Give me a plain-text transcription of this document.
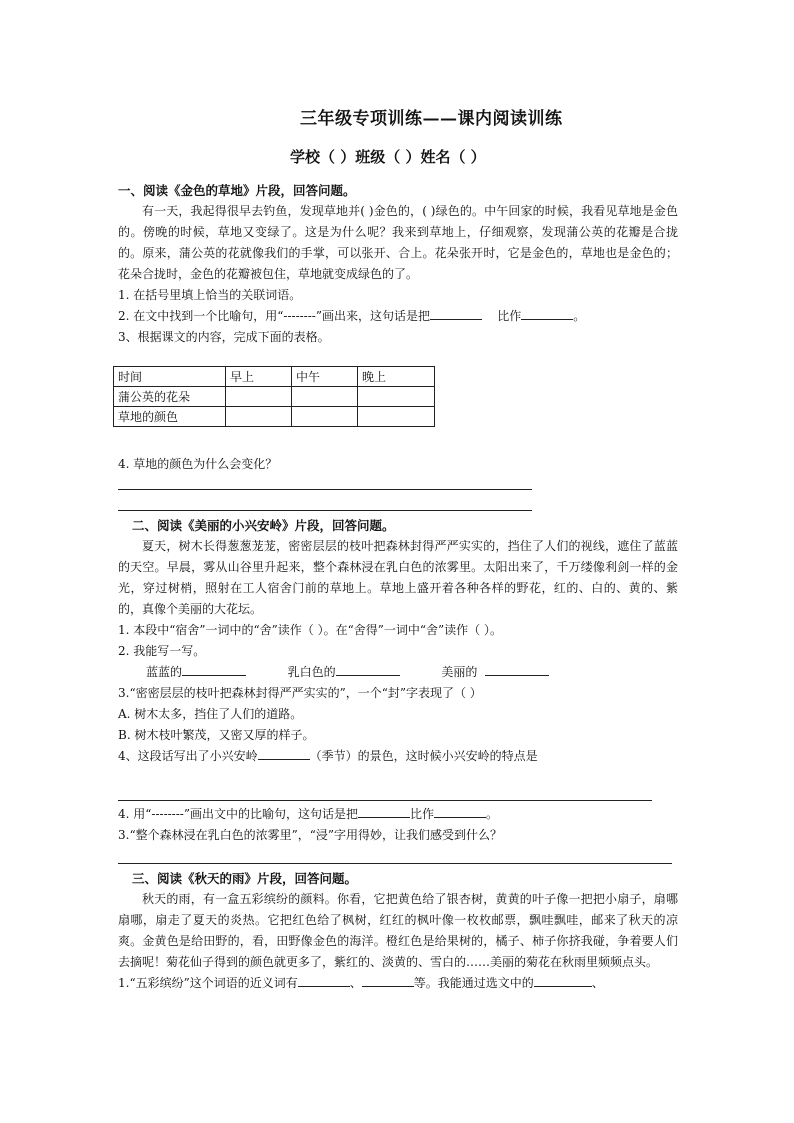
三年级专项训练——课内阅读训练
学校（ ）班级（ ）姓名（ ）
一、阅读《金色的草地》片段，回答问题。
有一天，我起得很早去钓鱼，发现草地并( )金色的，( )绿色的。中午回家的时候，我看见草地是金色的。傍晚的时候，草地又变绿了。这是为什么呢？我来到草地上，仔细观察，发现蒲公英的花瓣是合拢的。原来，蒲公英的花就像我们的手掌，可以张开、合上。花朵张开时，它是金色的，草地也是金色的；花朵合拢时，金色的花瓣被包住，草地就变成绿色的了。
1. 在括号里填上恰当的关联词语。
2. 在文中找到一个比喻句，用“--------”画出来，这句话是把	比作	。
3、根据课文的内容，完成下面的表格。
时间	早上	中午	晚上
蒲公英的花朵			
草地的颜色			
4. 草地的颜色为什么会变化？
二、阅读《美丽的小兴安岭》片段，回答问题。
夏天，树木长得葱葱茏茏，密密层层的枝叶把森林封得严严实实的，挡住了人们的视线，遮住了蓝蓝的天空。早晨，雾从山谷里升起来，整个森林浸在乳白色的浓雾里。太阳出来了，千万缕像利剑一样的金光，穿过树梢，照射在工人宿舍门前的草地上。草地上盛开着各种各样的野花，红的、白的、黄的、紫的，真像个美丽的大花坛。
1. 本段中“宿舍”一词中的“舍”读作（ ）。在“舍得”一词中“舍”读作（ ）。
2. 我能写一写。
蓝蓝的	乳白色的	美丽的
3.“密密层层的枝叶把森林封得严严实实的”，一个“封”字表现了（ ）
A. 树木太多，挡住了人们的道路。
B. 树木枝叶繁茂，又密又厚的样子。
4、这段话写出了小兴安岭	（季节）的景色，这时候小兴安岭的特点是
4. 用“--------”画出文中的比喻句，这句话是把	比作	。
3.“整个森林浸在乳白色的浓雾里”，“浸”字用得妙，让我们感受到什么？
三、阅读《秋天的雨》片段，回答问题。
秋天的雨，有一盒五彩缤纷的颜料。你看，它把黄色给了银杏树，黄黄的叶子像一把把小扇子，扇哪扇哪，扇走了夏天的炎热。它把红色给了枫树，红红的枫叶像一枚枚邮票，飘哇飘哇，邮来了秋天的凉爽。金黄色是给田野的，看，田野像金色的海洋。橙红色是给果树的，橘子、柿子你挤我碰，争着要人们去摘呢！菊花仙子得到的颜色就更多了，紫红的、淡黄的、雪白的……美丽的菊花在秋雨里频频点头。
1.“五彩缤纷”这个词语的近义词有	、	等。我能通过选文中的	、
